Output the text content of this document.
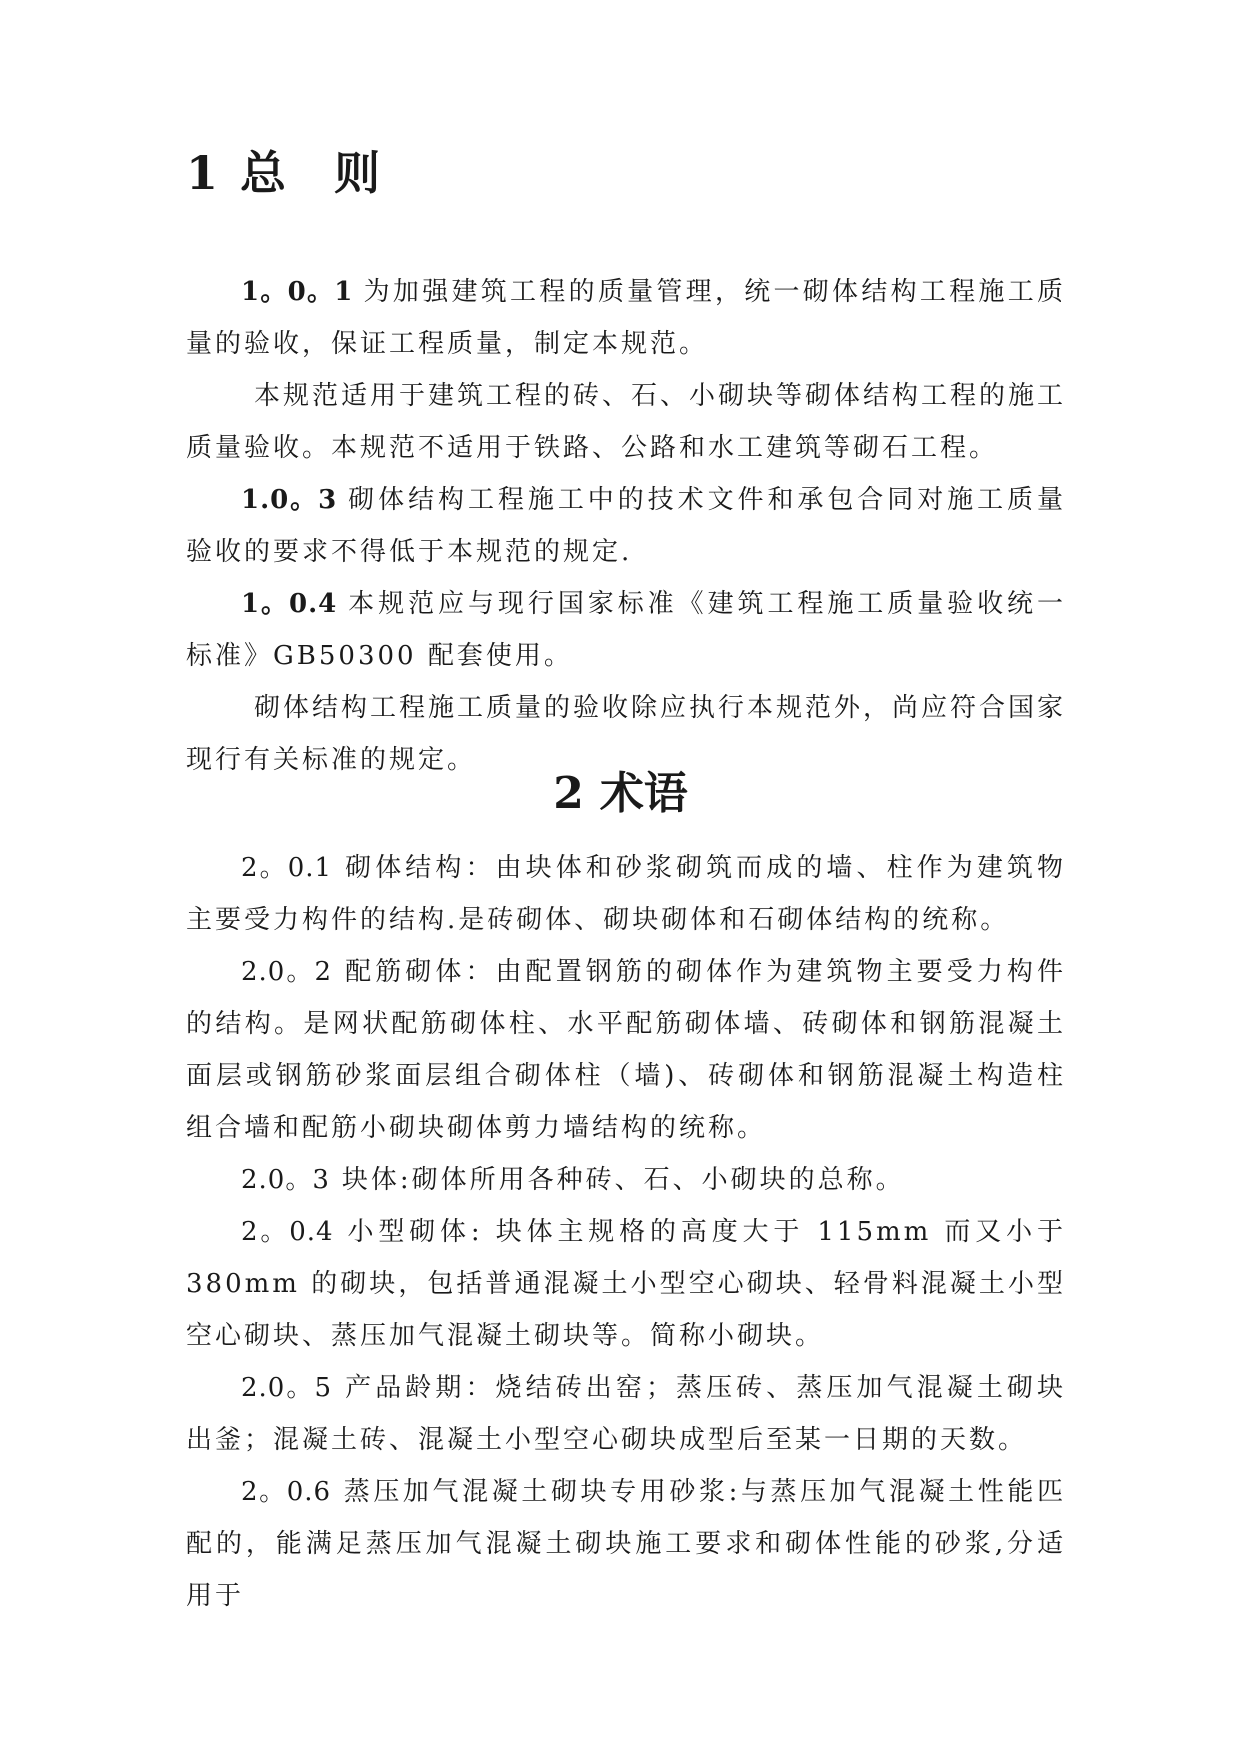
1 总 则

1。0。1 为加强建筑工程的质量管理，统一砌体结构工程施工质量的验收，保证工程质量，制定本规范。

本规范适用于建筑工程的砖、石、小砌块等砌体结构工程的施工质量验收。本规范不适用于铁路、公路和水工建筑等砌石工程。

1.0。3 砌体结构工程施工中的技术文件和承包合同对施工质量验收的要求不得低于本规范的规定.

1。0.4 本规范应与现行国家标准《建筑工程施工质量验收统一标准》GB50300 配套使用。

砌体结构工程施工质量的验收除应执行本规范外，尚应符合国家现行有关标准的规定。

2 术语

2。0.1 砌体结构：由块体和砂浆砌筑而成的墙、柱作为建筑物主要受力构件的结构.是砖砌体、砌块砌体和石砌体结构的统称。

2.0。2 配筋砌体：由配置钢筋的砌体作为建筑物主要受力构件的结构。是网状配筋砌体柱、水平配筋砌体墙、砖砌体和钢筋混凝土面层或钢筋砂浆面层组合砌体柱（墙)、砖砌体和钢筋混凝土构造柱组合墙和配筋小砌块砌体剪力墙结构的统称。

2.0。3 块体:砌体所用各种砖、石、小砌块的总称。

2。0.4 小型砌体: 块体主规格的高度大于 115mm 而又小于 380mm 的砌块，包括普通混凝土小型空心砌块、轻骨料混凝土小型空心砌块、蒸压加气混凝土砌块等。简称小砌块。

2.0。5 产品龄期：烧结砖出窑；蒸压砖、蒸压加气混凝土砌块出釜；混凝土砖、混凝土小型空心砌块成型后至某一日期的天数。

2。0.6 蒸压加气混凝土砌块专用砂浆:与蒸压加气混凝土性能匹配的，能满足蒸压加气混凝土砌块施工要求和砌体性能的砂浆,分适用于
